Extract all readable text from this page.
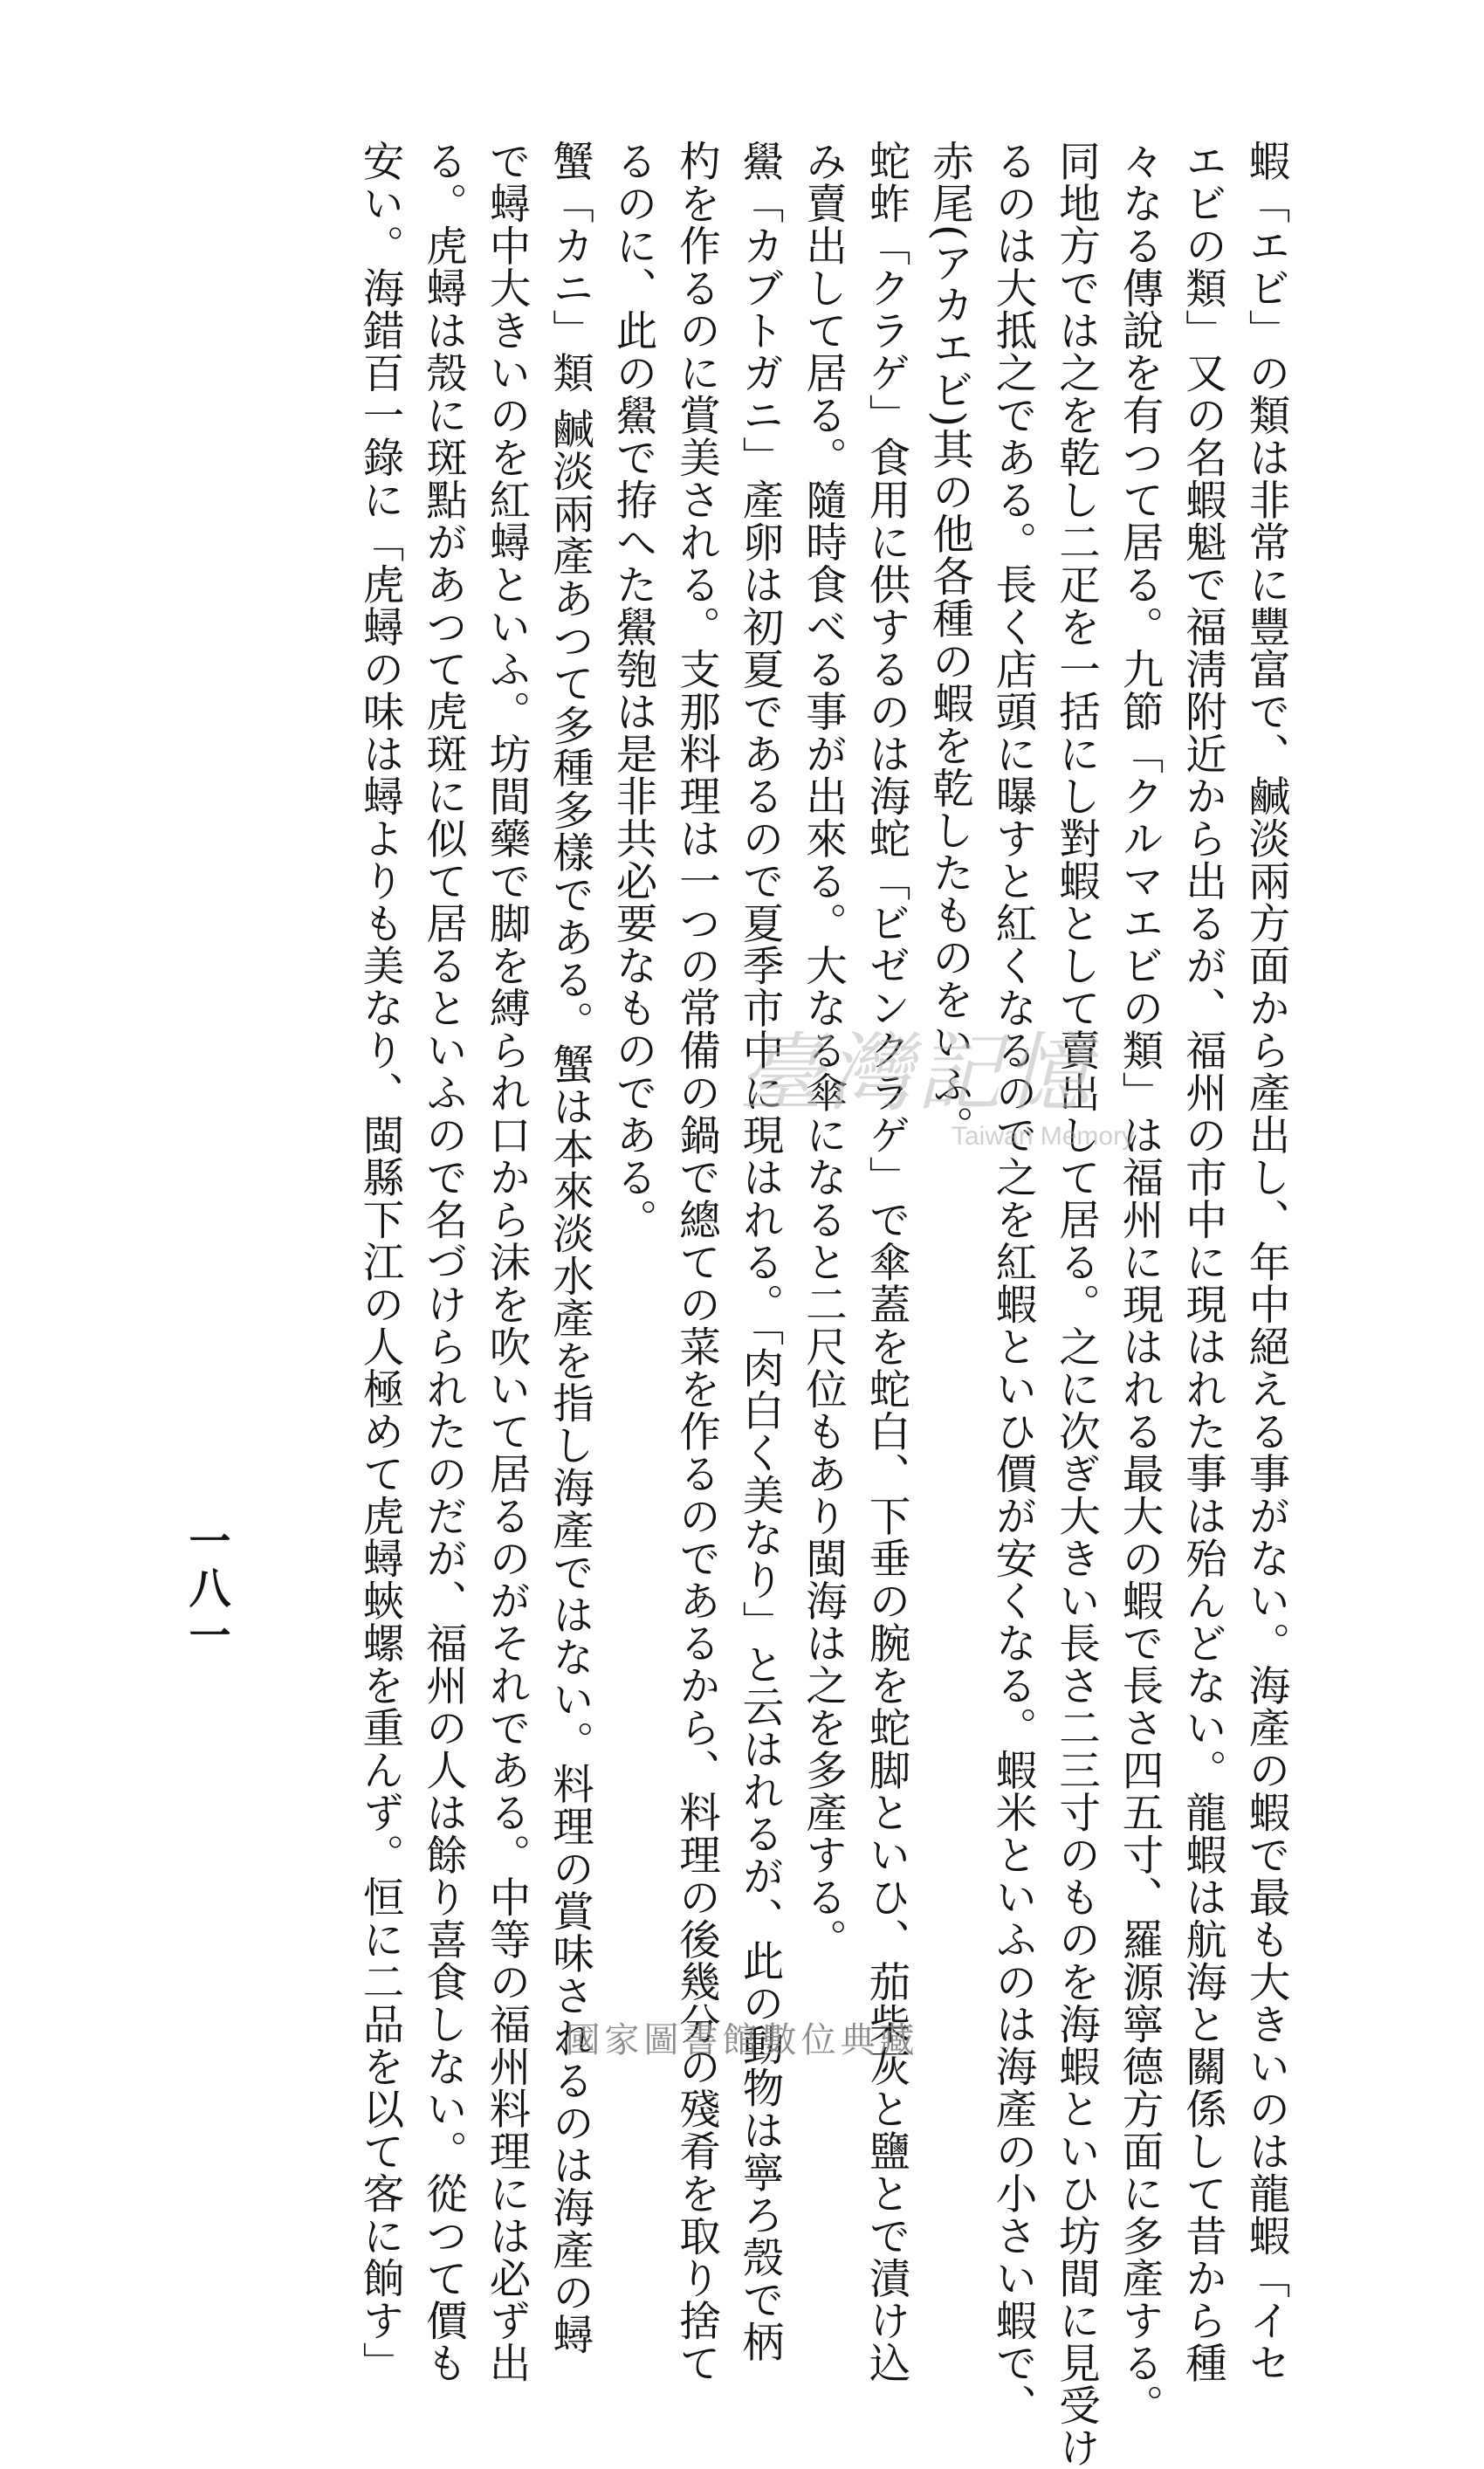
蝦「エビ」の類は非常に豐富で、鹹淡兩方面から產出し、年中絕える事がない。海產の蝦で最も大きいのは龍蝦「イセ
エビの類」又の名蝦魁で福淸附近から出るが、福州の市中に現はれた事は殆んどない。龍蝦は航海と關係して昔から種
々なる傳說を有つて居る。九節「クルマエビの類」は福州に現はれる最大の蝦で長さ四五寸、羅源寧德方面に多產する。
同地方では之を乾し二疋を一括にし對蝦として賣出して居る。之に次ぎ大きい長さ二三寸のものを海蝦といひ坊間に見受け
るのは大抵之である。長く店頭に曝すと紅くなるので之を紅蝦といひ價が安くなる。蝦米といふのは海產の小さい蝦で、
赤尾(アカエビ)其の他各種の蝦を乾したものをいふ。
蛇蚱「クラゲ」食用に供するのは海蛇「ビゼンクラゲ」で傘蓋を蛇白、下垂の腕を蛇脚といひ、茄柴灰と鹽とで漬け込
み賣出して居る。隨時食べる事が出來る。大なる傘になると二尺位もあり閩海は之を多產する。
鱟「カブトガニ」產卵は初夏であるので夏季市中に現はれる。「肉白く美なり」と云はれるが、此の動物は寧ろ殼で柄
杓を作るのに賞美される。支那料理は一つの常備の鍋で總ての菜を作るのであるから、料理の後幾分の殘肴を取り捨て
るのに、此の鱟で拵へた鱟匏は是非共必要なものである。
蟹「カニ」類 鹹淡兩產あつて多種多樣である。蟹は本來淡水產を指し海產ではない。料理の賞味されるのは海產の蟳
で蟳中大きいのを紅蟳といふ。坊間藥で脚を縛られ口から沫を吹いて居るのがそれである。中等の福州料理には必ず出
る。虎蟳は殼に斑點があつて虎斑に似て居るといふので名づけられたのだが、福州の人は餘り喜食しない。從つて價も
安い。海錯百一錄に「虎蟳の味は蟳よりも美なり、閩縣下江の人極めて虎蟳蛺螺を重んず。恒に二品を以て客に餉す」	臺灣記憶
Taiwan Memory
一八一
國家圖書館數位典藏
